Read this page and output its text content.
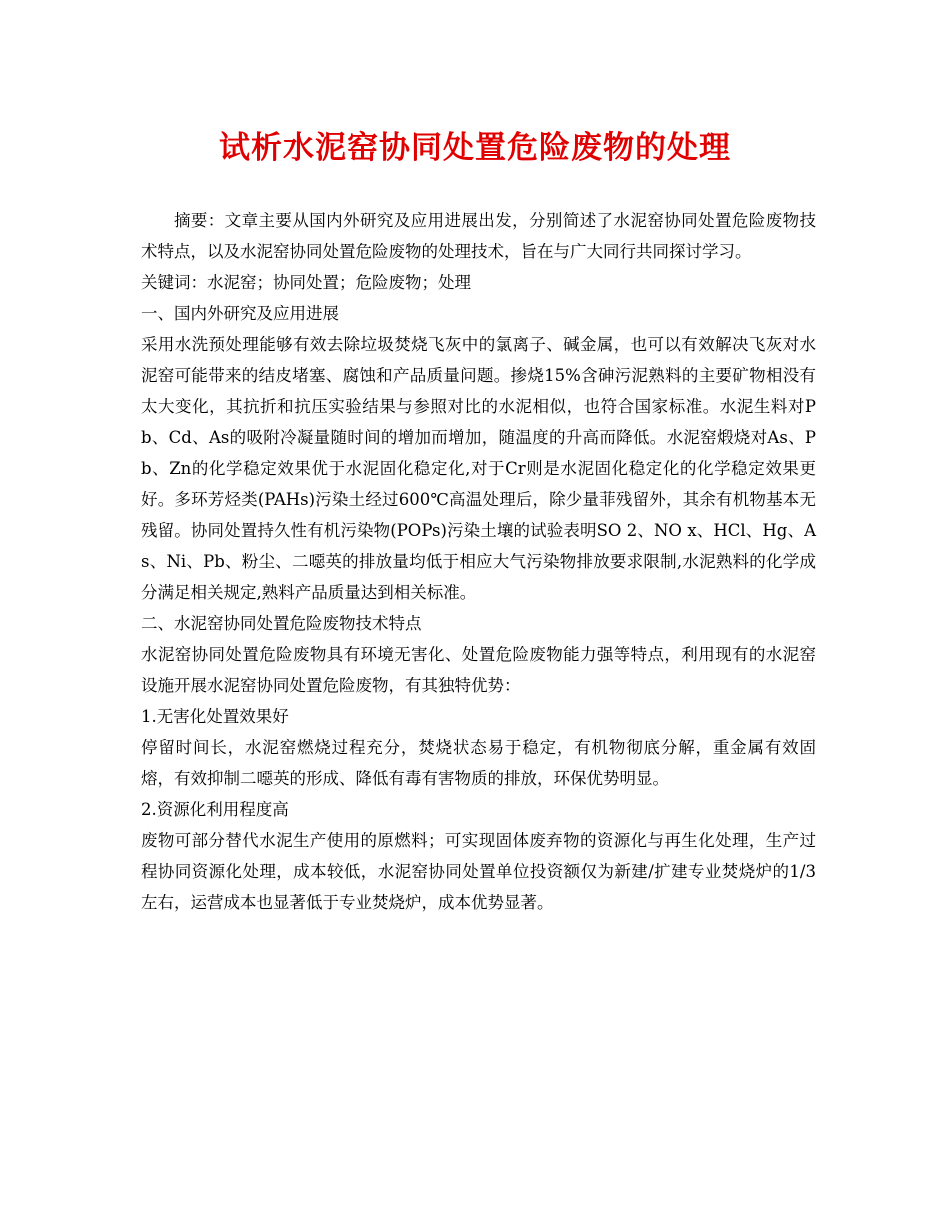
试析水泥窑协同处置危险废物的处理

摘要：文章主要从国内外研究及应用进展出发，分别简述了水泥窑协同处置危险废物技术特点，以及水泥窑协同处置危险废物的处理技术，旨在与广大同行共同探讨学习。

关键词：水泥窑；协同处置；危险废物；处理

一、国内外研究及应用进展

采用水洗预处理能够有效去除垃圾焚烧飞灰中的氯离子、碱金属，也可以有效解决飞灰对水泥窑可能带来的结皮堵塞、腐蚀和产品质量问题。掺烧15%含砷污泥熟料的主要矿物相没有太大变化，其抗折和抗压实验结果与参照对比的水泥相似，也符合国家标准。水泥生料对Pb、Cd、As的吸附冷凝量随时间的增加而增加，随温度的升高而降低。水泥窑煅烧对As、Pb、Zn的化学稳定效果优于水泥固化稳定化,对于Cr则是水泥固化稳定化的化学稳定效果更好。多环芳烃类(PAHs)污染土经过600℃高温处理后，除少量菲残留外，其余有机物基本无残留。协同处置持久性有机污染物(POPs)污染土壤的试验表明SO 2、NO x、HCl、Hg、As、Ni、Pb、粉尘、二噁英的排放量均低于相应大气污染物排放要求限制,水泥熟料的化学成分满足相关规定,熟料产品质量达到相关标准。

二、水泥窑协同处置危险废物技术特点

水泥窑协同处置危险废物具有环境无害化、处置危险废物能力强等特点，利用现有的水泥窑设施开展水泥窑协同处置危险废物，有其独特优势：

1.无害化处置效果好

停留时间长，水泥窑燃烧过程充分，焚烧状态易于稳定，有机物彻底分解，重金属有效固熔，有效抑制二噁英的形成、降低有毒有害物质的排放，环保优势明显。

2.资源化利用程度高

废物可部分替代水泥生产使用的原燃料；可实现固体废弃物的资源化与再生化处理，生产过程协同资源化处理，成本较低，水泥窑协同处置单位投资额仅为新建/扩建专业焚烧炉的1/3左右，运营成本也显著低于专业焚烧炉，成本优势显著。
